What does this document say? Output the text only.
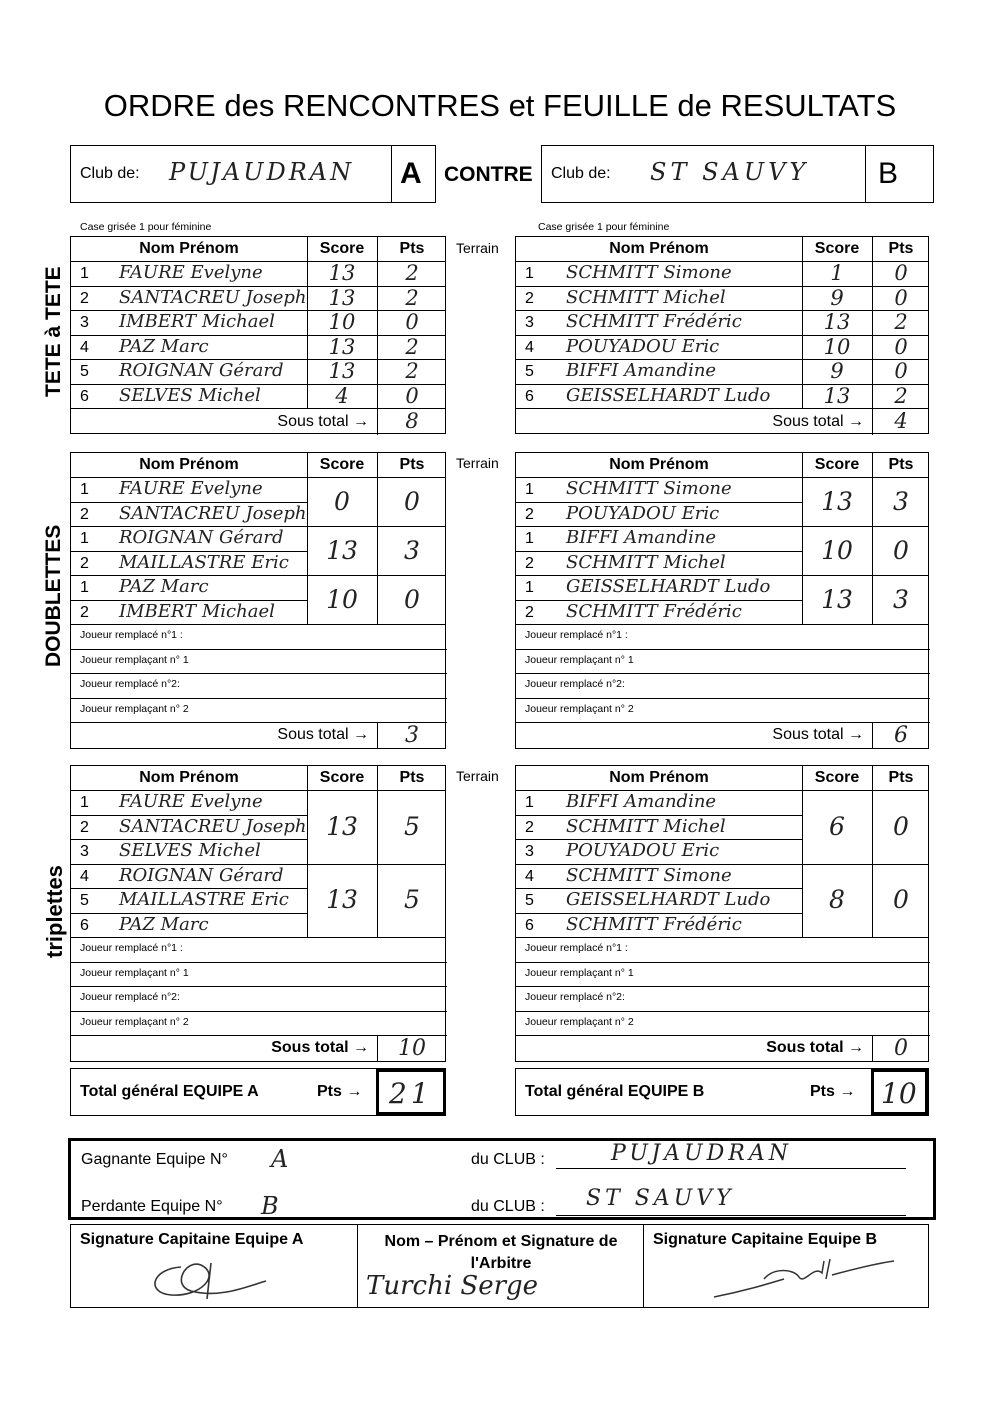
ORDRE des RENCONTRES et FEUILLE de RESULTATS
Club de: PUJAUDRAN A CONTRE Club de: ST SAUVY B
Case grisée 1 pour féminine	Case grisée 1 pour féminine
TETE à TETE
DOUBLETTES
triplettes
Terrain
Terrain
Terrain
Nom Prénom	Score	Pts
1 FAURE Evelyne	13	2
2 SANTACREU Joseph	13	2
3 IMBERT Michael	10	0
4 PAZ Marc	13	2
5 ROIGNAN Gérard	13	2
6 SELVES Michel	4	0
Sous total →	8
Nom Prénom	Score	Pts
1 SCHMITT Simone	1	0
2 SCHMITT Michel	9	0
3 SCHMITT Frédéric	13	2
4 POUYADOU Eric	10	0
5 BIFFI Amandine	9	0
6 GEISSELHARDT Ludo	13	2
Sous total →	4
Nom Prénom	Score	Pts
1 FAURE Evelyne
2 SANTACREU Joseph	0	0
1 ROIGNAN Gérard
2 MAILLASTRE Eric	13	3
1 PAZ Marc
2 IMBERT Michael	10	0
Joueur remplacé n°1 :
Joueur remplaçant n° 1
Joueur remplacé n°2:
Joueur remplaçant n° 2
Sous total →	3
Nom Prénom	Score	Pts
1 SCHMITT Simone
2 POUYADOU Eric	13	3
1 BIFFI Amandine
2 SCHMITT Michel	10	0
1 GEISSELHARDT Ludo
2 SCHMITT Frédéric	13	3
Joueur remplacé n°1 :
Joueur remplaçant n° 1
Joueur remplacé n°2:
Joueur remplaçant n° 2
Sous total →	6
Nom Prénom	Score	Pts
1 FAURE Evelyne
2 SANTACREU Joseph
3 SELVES Michel
13	5
4 ROIGNAN Gérard
5 MAILLASTRE Eric
6 PAZ Marc
13	5
Joueur remplacé n°1 :
Joueur remplaçant n° 1
Joueur remplacé n°2:
Joueur remplaçant n° 2
Sous total →	10
Nom Prénom	Score	Pts
1 BIFFI Amandine
2 SCHMITT Michel
3 POUYADOU Eric
6	0
4 SCHMITT Simone
5 GEISSELHARDT Ludo
6 SCHMITT Frédéric
8	0
Joueur remplacé n°1 :
Joueur remplaçant n° 1
Joueur remplacé n°2:
Joueur remplaçant n° 2
Sous total →	0
Total général EQUIPE A	Pts → 21	Total général EQUIPE B	Pts → 10
Gagnante Equipe N° A	du CLUB :	PUJAUDRAN
Perdante Equipe N° B	du CLUB : ST SAUVY
Signature Capitaine Equipe A	Nom – Prénom et Signature de l'Arbitre
Turchi Serge
Signature Capitaine Equipe B
